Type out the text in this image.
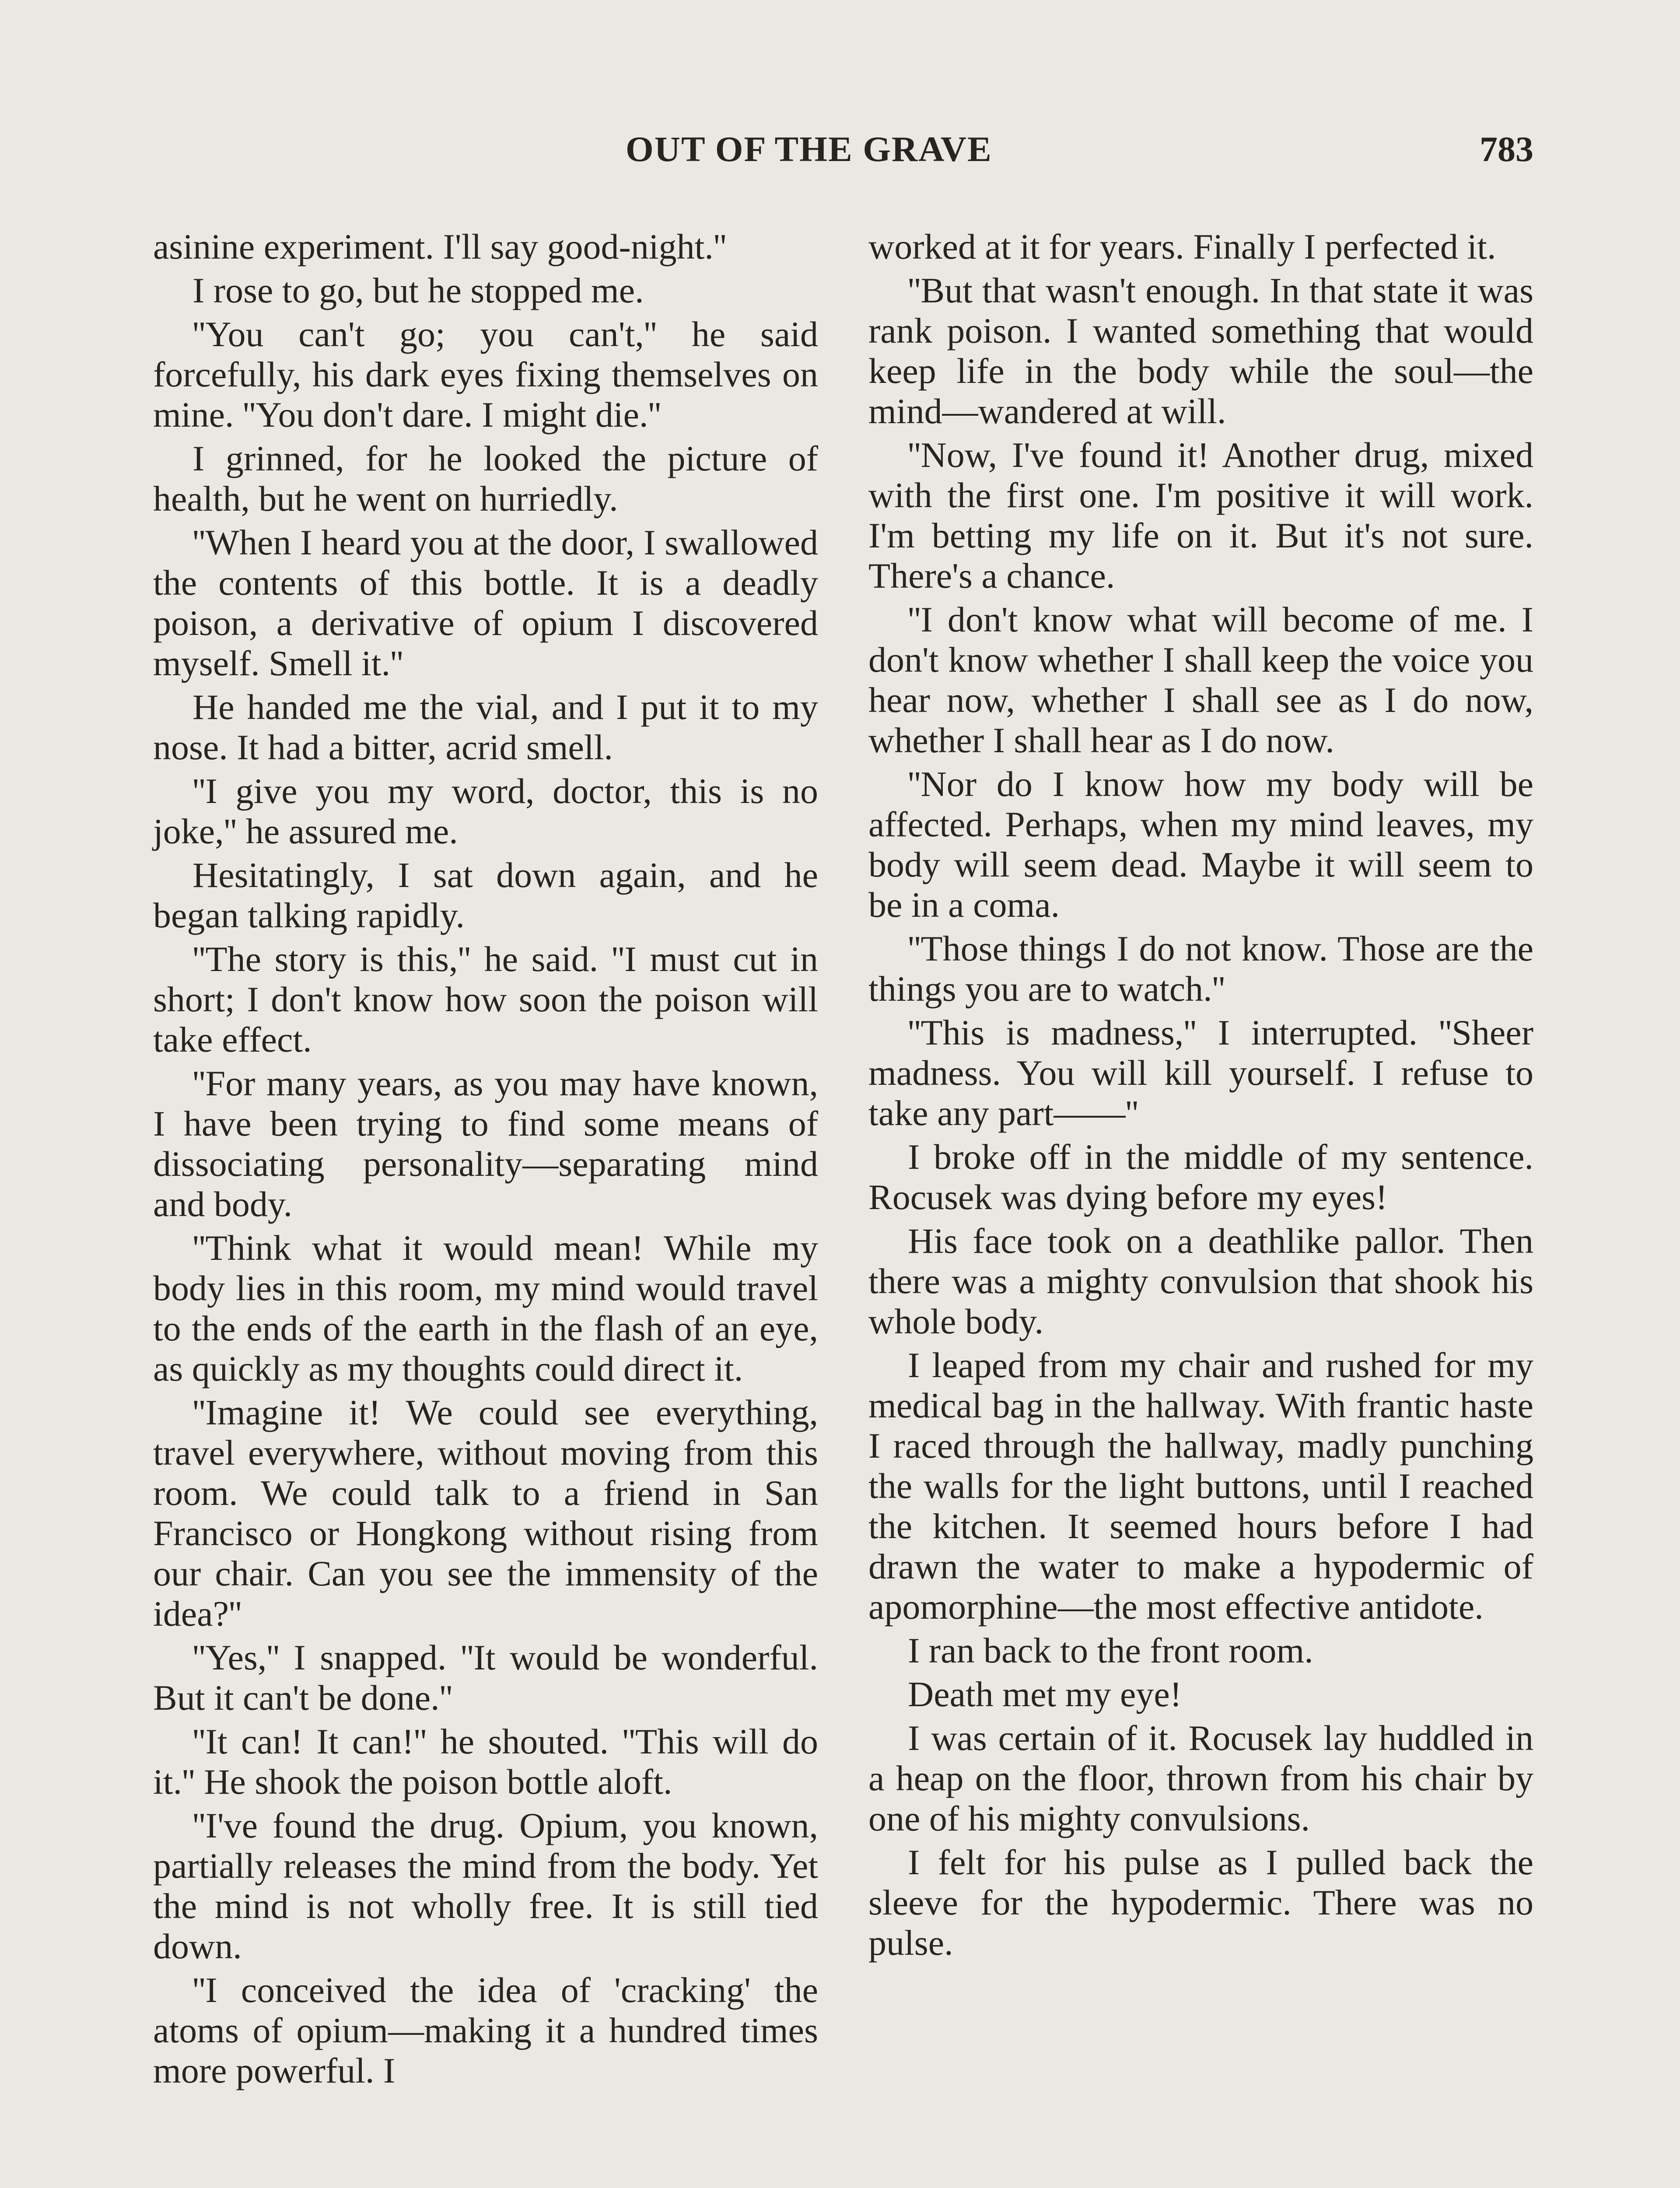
OUT OF THE GRAVE	783

asinine experiment. I'll say good-night.''

I rose to go, but he stopped me.

''You can't go; you can't,'' he said forcefully, his dark eyes fixing themselves on mine. ''You don't dare. I might die.''

I grinned, for he looked the picture of health, but he went on hurriedly.

''When I heard you at the door, I swallowed the contents of this bottle. It is a deadly poison, a derivative of opium I discovered myself. Smell it.''

He handed me the vial, and I put it to my nose. It had a bitter, acrid smell.

''I give you my word, doctor, this is no joke,'' he assured me.

Hesitatingly, I sat down again, and he began talking rapidly.

''The story is this,'' he said. ''I must cut in short; I don't know how soon the poison will take effect.

''For many years, as you may have known, I have been trying to find some means of dissociating personality—separating mind and body.

''Think what it would mean! While my body lies in this room, my mind would travel to the ends of the earth in the flash of an eye, as quickly as my thoughts could direct it.

''Imagine it! We could see everything, travel everywhere, without moving from this room. We could talk to a friend in San Francisco or Hongkong without rising from our chair. Can you see the immensity of the idea?''

''Yes,'' I snapped. ''It would be wonderful. But it can't be done.''

''It can! It can!'' he shouted. ''This will do it.'' He shook the poison bottle aloft.

''I've found the drug. Opium, you known, partially releases the mind from the body. Yet the mind is not wholly free. It is still tied down.

''I conceived the idea of 'cracking' the atoms of opium—making it a hundred times more powerful. I

worked at it for years. Finally I perfected it.

''But that wasn't enough. In that state it was rank poison. I wanted something that would keep life in the body while the soul—the mind—wandered at will.

''Now, I've found it! Another drug, mixed with the first one. I'm positive it will work. I'm betting my life on it. But it's not sure. There's a chance.

''I don't know what will become of me. I don't know whether I shall keep the voice you hear now, whether I shall see as I do now, whether I shall hear as I do now.

''Nor do I know how my body will be affected. Perhaps, when my mind leaves, my body will seem dead. Maybe it will seem to be in a coma.

''Those things I do not know. Those are the things you are to watch.''

''This is madness,'' I interrupted. ''Sheer madness. You will kill yourself. I refuse to take any part——''

I broke off in the middle of my sentence. Rocusek was dying before my eyes!

His face took on a deathlike pallor. Then there was a mighty convulsion that shook his whole body.

I leaped from my chair and rushed for my medical bag in the hallway. With frantic haste I raced through the hallway, madly punching the walls for the light buttons, until I reached the kitchen. It seemed hours before I had drawn the water to make a hypodermic of apomorphine—the most effective antidote.

I ran back to the front room.

Death met my eye!

I was certain of it. Rocusek lay huddled in a heap on the floor, thrown from his chair by one of his mighty convulsions.

I felt for his pulse as I pulled back the sleeve for the hypodermic. There was no pulse.
